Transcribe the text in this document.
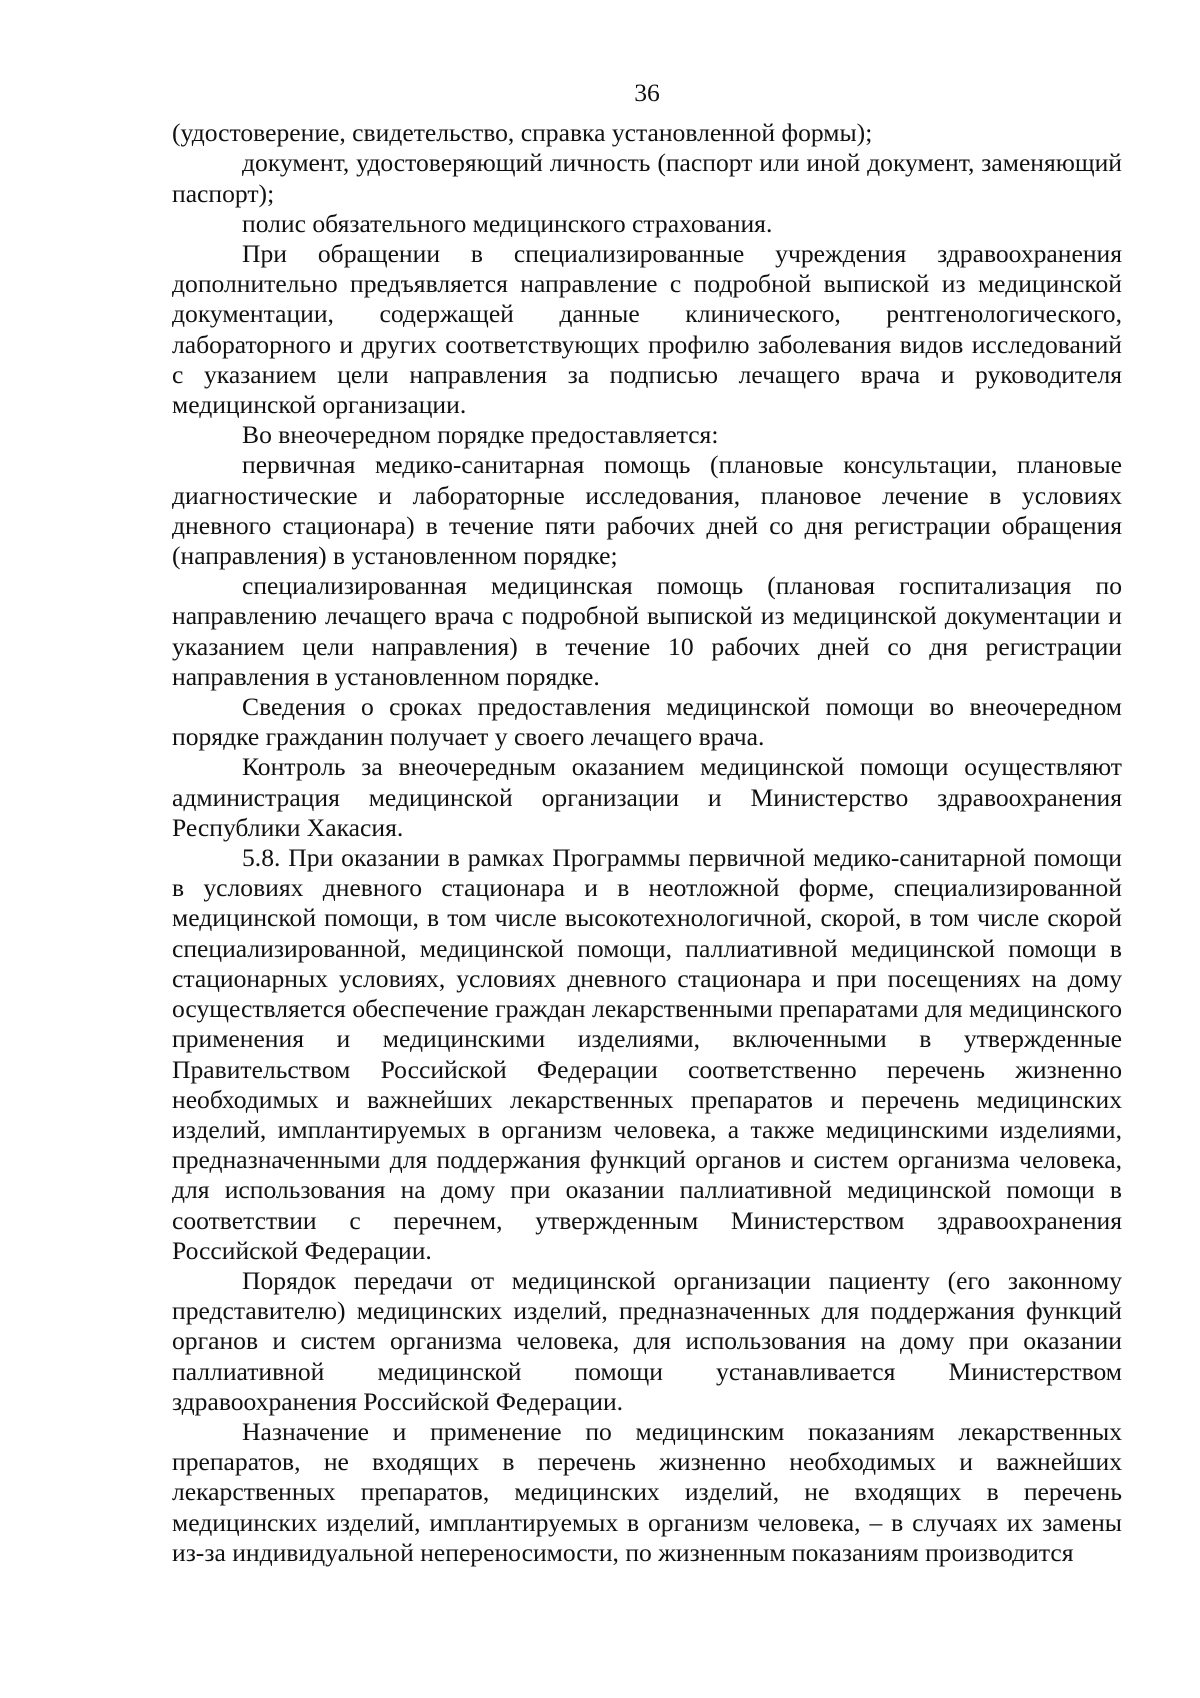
36

(удостоверение, свидетельство, справка установленной формы);

документ, удостоверяющий личность (паспорт или иной документ, заменяющий паспорт);

полис обязательного медицинского страхования.

При обращении в специализированные учреждения здравоохранения дополнительно предъявляется направление с подробной выпиской из медицинской документации, содержащей данные клинического, рентгенологического, лабораторного и других соответствующих профилю заболевания видов исследований с указанием цели направления за подписью лечащего врача и руководителя медицинской организации.

Во внеочередном порядке предоставляется:

первичная медико-санитарная помощь (плановые консультации, плановые диагностические и лабораторные исследования, плановое лечение в условиях дневного стационара) в течение пяти рабочих дней со дня регистрации обращения (направления) в установленном порядке;

специализированная медицинская помощь (плановая госпитализация по направлению лечащего врача с подробной выпиской из медицинской документации и указанием цели направления) в течение 10 рабочих дней со дня регистрации направления в установленном порядке.

Сведения о сроках предоставления медицинской помощи во внеочередном порядке гражданин получает у своего лечащего врача.

Контроль за внеочередным оказанием медицинской помощи осуществляют администрация медицинской организации и Министерство здравоохранения Республики Хакасия.

5.8. При оказании в рамках Программы первичной медико-санитарной помощи в условиях дневного стационара и в неотложной форме, специализированной медицинской помощи, в том числе высокотехнологичной, скорой, в том числе скорой специализированной, медицинской помощи, паллиативной медицинской помощи в стационарных условиях, условиях дневного стационара и при посещениях на дому осуществляется обеспечение граждан лекарственными препаратами для медицинского применения и медицинскими изделиями, включенными в утвержденные Правительством Российской Федерации соответственно перечень жизненно необходимых и важнейших лекарственных препаратов и перечень медицинских изделий, имплантируемых в организм человека, а также медицинскими изделиями, предназначенными для поддержания функций органов и систем организма человека, для использования на дому при оказании паллиативной медицинской помощи в соответствии с перечнем, утвержденным Министерством здравоохранения Российской Федерации.

Порядок передачи от медицинской организации пациенту (его законному представителю) медицинских изделий, предназначенных для поддержания функций органов и систем организма человека, для использования на дому при оказании паллиативной медицинской помощи устанавливается Министерством здравоохранения Российской Федерации.

Назначение и применение по медицинским показаниям лекарственных препаратов, не входящих в перечень жизненно необходимых и важнейших лекарственных препаратов, медицинских изделий, не входящих в перечень медицинских изделий, имплантируемых в организм человека, – в случаях их замены из-за индивидуальной непереносимости, по жизненным показаниям производится
